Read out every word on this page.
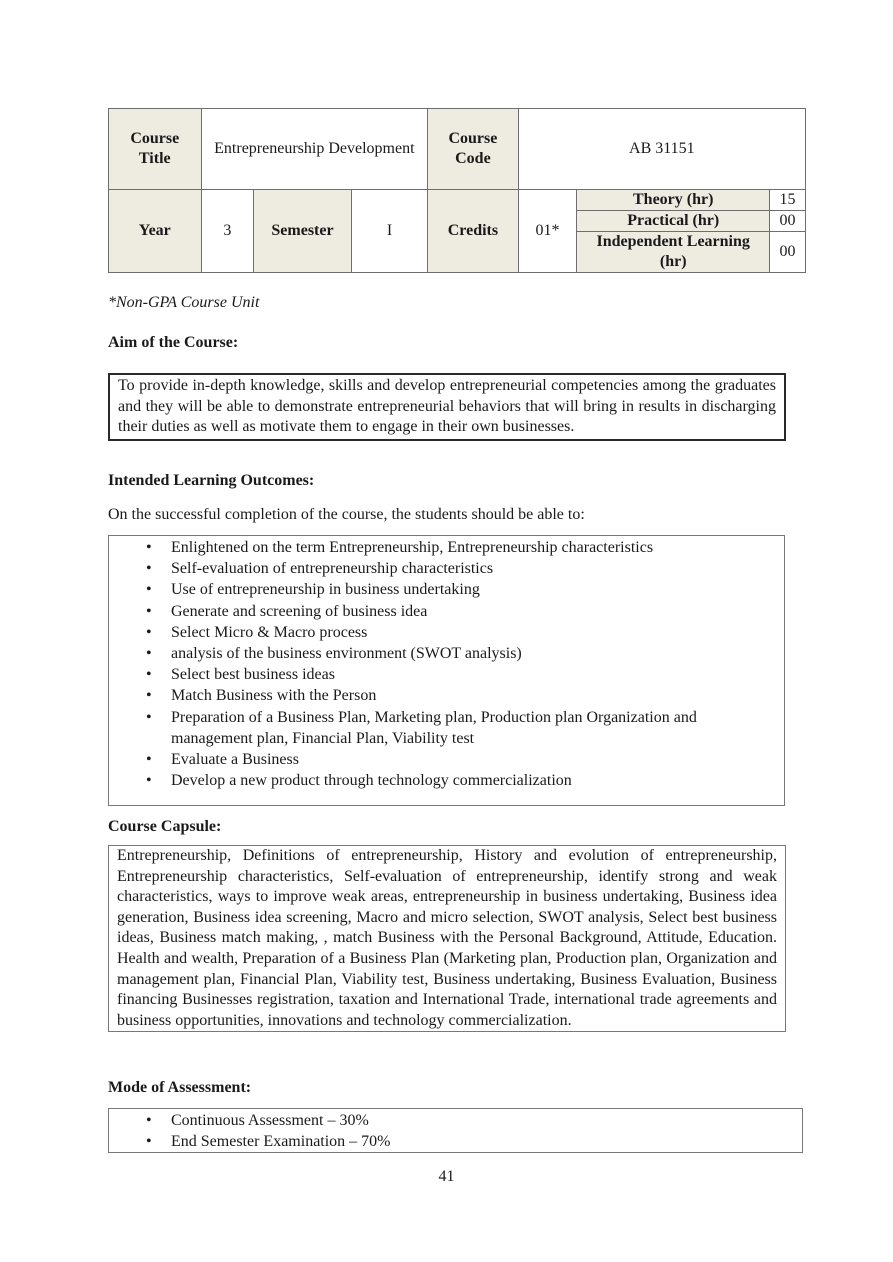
Course Title	Entrepreneurship Development			Course Code	AB 31151		
Year	3	Semester	I	Credits	01*	Theory (hr)	15
						Practical (hr)	00
						Independent Learning (hr)	00
*Non-GPA Course Unit
Aim of the Course:
To provide in-depth knowledge, skills and develop entrepreneurial competencies among the graduates and they will be able to demonstrate entrepreneurial behaviors that will bring in results in discharging their duties as well as motivate them to engage in their own businesses.
Intended Learning Outcomes:
On the successful completion of the course, the students should be able to:
• Enlightened on the term Entrepreneurship, Entrepreneurship characteristics
• Self-evaluation of entrepreneurship characteristics
• Use of entrepreneurship in business undertaking
• Generate and screening of business idea
• Select Micro & Macro process
• analysis of the business environment (SWOT analysis)
• Select best business ideas
• Match Business with the Person
• Preparation of a Business Plan, Marketing plan, Production plan Organization and management plan, Financial Plan, Viability test
• Evaluate a Business
• Develop a new product through technology commercialization
Course Capsule:
Entrepreneurship, Definitions of entrepreneurship, History and evolution of entrepreneurship, Entrepreneurship characteristics, Self-evaluation of entrepreneurship, identify strong and weak characteristics, ways to improve weak areas, entrepreneurship in business undertaking, Business idea generation, Business idea screening, Macro and micro selection, SWOT analysis, Select best business ideas, Business match making, , match Business with the Personal Background, Attitude, Education. Health and wealth, Preparation of a Business Plan (Marketing plan, Production plan, Organization and management plan, Financial Plan, Viability test, Business undertaking, Business Evaluation, Business financing Businesses registration, taxation and International Trade, international trade agreements and business opportunities, innovations and technology commercialization.
Mode of Assessment:
• Continuous Assessment – 30%
• End Semester Examination – 70%
41
